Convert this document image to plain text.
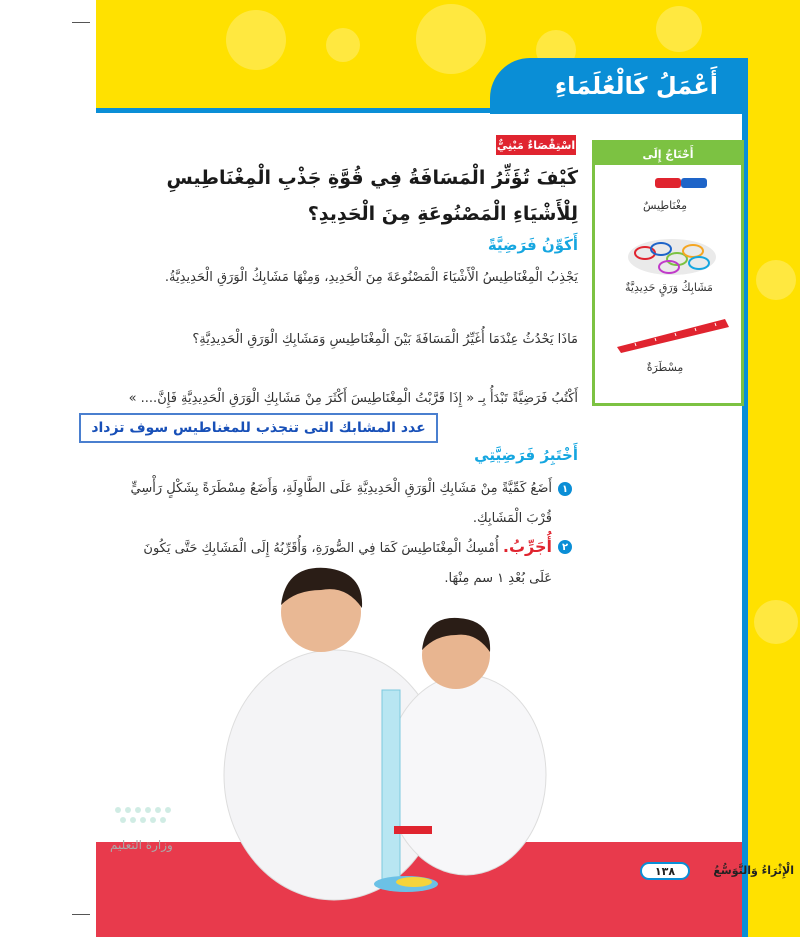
أَعْمَلُ كَالْعُلَمَاءِ
اسْتِقْصَاءٌ مَبْنِيٌّ
كَيْفَ تُؤَثِّرُ الْمَسَافَةُ فِي قُوَّةِ جَذْبِ الْمِغْنَاطِيسِ لِلْأَشْيَاءِ الْمَصْنُوعَةِ مِنَ الْحَدِيدِ؟
أَكَوِّنُ فَرَضِيَّةً
يَجْذِبُ الْمِغْنَاطِيسُ الْأَشْيَاءَ الْمَصْنُوعَةَ مِنَ الْحَدِيدِ، وَمِنْهَا مَشَابِكُ الْوَرَقِ الْحَدِيدِيَّةُ.
مَاذَا يَحْدُثُ عِنْدَمَا أُغَيِّرُ الْمَسَافَةَ بَيْنَ الْمِغْنَاطِيسِ وَمَشَابِكِ الْوَرَقِ الْحَدِيدِيَّةِ؟
أَكْتُبُ فَرَضِيَّةً تَبْدَأُ بِـ « إِذَا قَرَّبْتُ الْمِغْنَاطِيسَ أَكْثَرَ مِنْ مَشَابِكِ الْوَرَقِ الْحَدِيدِيَّةِ فَإِنَّ.... »
عدد المشابك التى تنجذب للمغناطيس سوف تزداد
أَخْتَبِرُ فَرَضِيَّتِي
١
أَضَعُ كَمِّيَّةً مِنْ مَشَابِكِ الْوَرَقِ الْحَدِيدِيَّةِ عَلَى الطَّاوِلَةِ، وَأَضَعُ مِسْطَرَةً بِشَكْلٍ رَأْسِيٍّ قُرْبَ الْمَشَابِكِ.
٢
أُجَرِّبُ. أُمْسِكُ الْمِغْنَاطِيسَ كَمَا فِي الصُّورَةِ، وَأُقَرِّبُهُ إِلَى الْمَشَابِكِ حَتَّى يَكُونَ عَلَى بُعْدِ ١ سم مِنْهَا.
وزارة التعليم
أَحْتَاجُ إِلَى
مِغْنَاطِيسٌ
مَشَابِكُ وَرَقٍ حَدِيدِيَّةٌ
مِسْطَرَةٌ
١٣٨	الْإِثْرَاءُ وَالتَّوَسُّعُ
